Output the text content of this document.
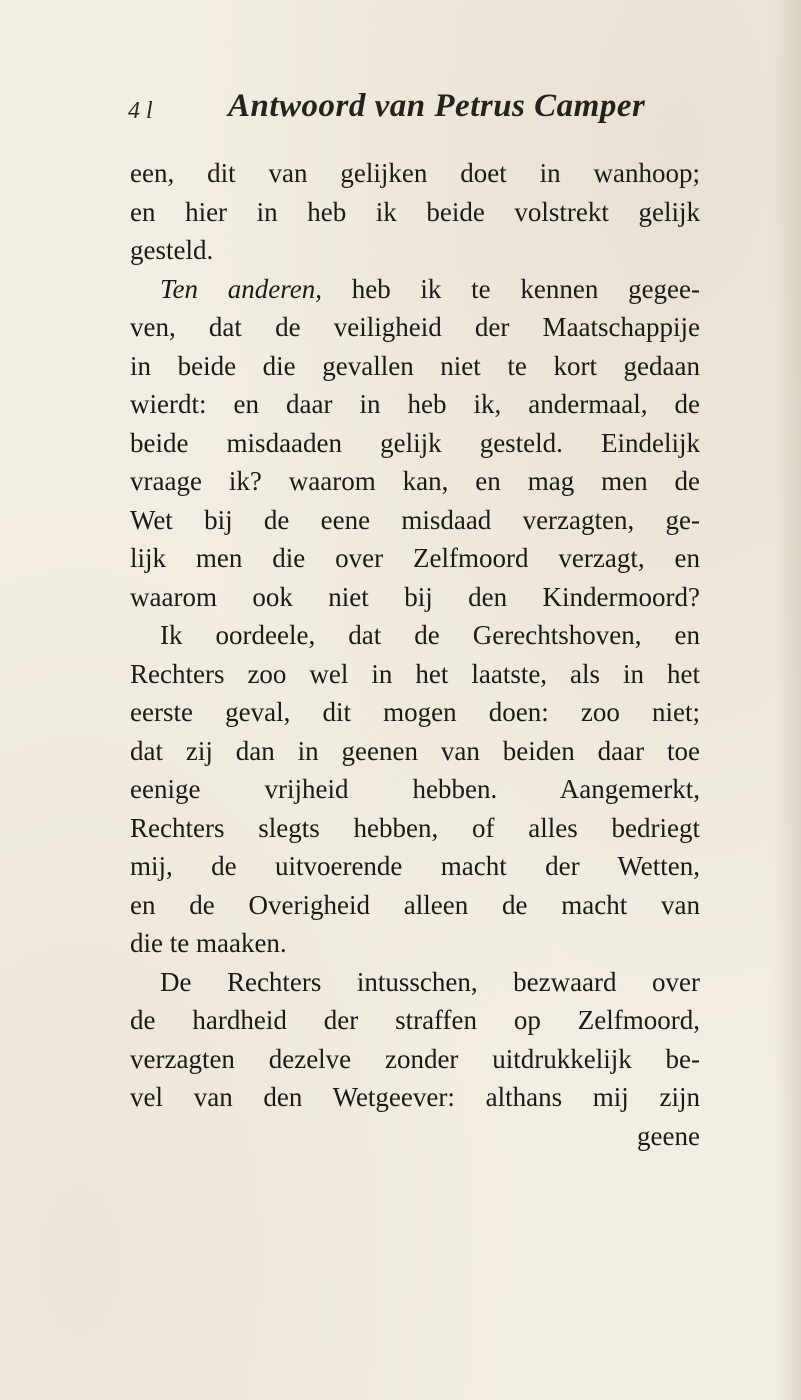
4 l Antwoord van Petrus Camper
een, dit van gelijken doet in wanhoop;
en hier in heb ik beide volstrekt gelijk
gesteld.
Ten anderen, heb ik te kennen gegee-
ven, dat de veiligheid der Maatschappije
in beide die gevallen niet te kort gedaan
wierdt: en daar in heb ik, andermaal, de
beide misdaaden gelijk gesteld. Eindelijk
vraage ik? waarom kan, en mag men de
Wet bij de eene misdaad verzagten, ge-
lijk men die over Zelfmoord verzagt, en
waarom ook niet bij den Kindermoord?
Ik oordeele, dat de Gerechtshoven, en
Rechters zoo wel in het laatste, als in het
eerste geval, dit mogen doen: zoo niet;
dat zij dan in geenen van beiden daar toe
eenige vrijheid hebben. Aangemerkt,
Rechters slegts hebben, of alles bedriegt
mij, de uitvoerende macht der Wetten,
en de Overigheid alleen de macht van
die te maaken.
De Rechters intusschen, bezwaard over
de hardheid der straffen op Zelfmoord,
verzagten dezelve zonder uitdrukkelijk be-
vel van den Wetgeever: althans mij zijn
geene
